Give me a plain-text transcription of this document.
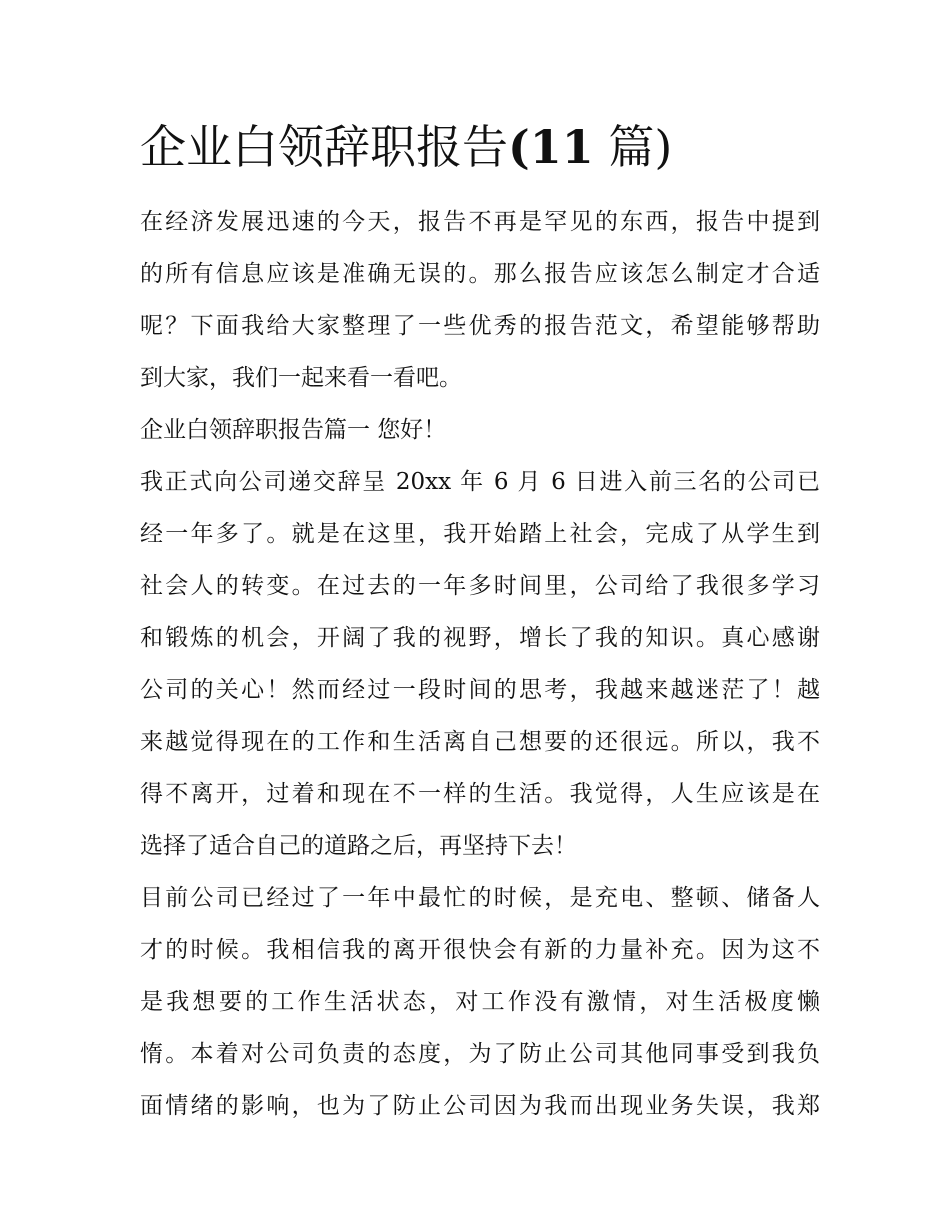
企业白领辞职报告(11 篇)
在经济发展迅速的今天，报告不再是罕见的东西，报告中提到
的所有信息应该是准确无误的。那么报告应该怎么制定才合适
呢？下面我给大家整理了一些优秀的报告范文，希望能够帮助
到大家，我们一起来看一看吧。
企业白领辞职报告篇一 您好！
我正式向公司递交辞呈 20xx 年 6 月 6 日进入前三名的公司已
经一年多了。就是在这里，我开始踏上社会，完成了从学生到
社会人的转变。在过去的一年多时间里，公司给了我很多学习
和锻炼的机会，开阔了我的视野，增长了我的知识。真心感谢
公司的关心！然而经过一段时间的思考，我越来越迷茫了！越
来越觉得现在的工作和生活离自己想要的还很远。所以，我不
得不离开，过着和现在不一样的生活。我觉得，人生应该是在
选择了适合自己的道路之后，再坚持下去！
目前公司已经过了一年中最忙的时候，是充电、整顿、储备人
才的时候。我相信我的离开很快会有新的力量补充。因为这不
是我想要的工作生活状态，对工作没有激情，对生活极度懒
惰。本着对公司负责的态度，为了防止公司其他同事受到我负
面情绪的影响，也为了防止公司因为我而出现业务失误，我郑
